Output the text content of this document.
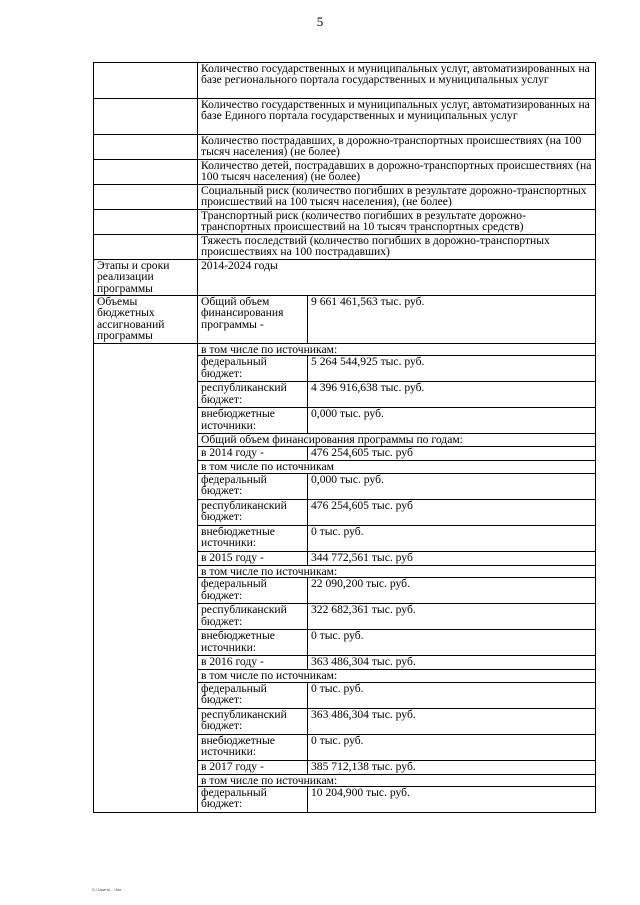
5
	Количество государственных и муниципальных услуг, автоматизированных на базе регионального портала государственных и муниципальных услуг	
	Количество государственных и муниципальных услуг, автоматизированных на базе Единого портала государственных и муниципальных услуг	
	Количество пострадавших, в дорожно-транспортных происшествиях (на 100 тысяч населения) (не более)	
	Количество детей, пострадавших в дорожно-транспортных происшествиях (на 100 тысяч населения) (не более)	
	Социальный риск (количество погибших в результате дорожно-транспортных происшествий на 100 тысяч населения), (не более)	
	Транспортный риск (количество погибших в результате дорожно-транспортных происшествий на 10 тысяч транспортных средств)	
	Тяжесть последствий (количество погибших в дорожно-транспортных происшествиях на 100 пострадавших)	
Этапы и сроки реализации программы	2014-2024 годы	
Объемы бюджетных ассигнований программы	Общий объем финансирования программы -	9 661 461,563 тыс. руб.
	в том числе по источникам:	
	федеральный бюджет:	5 264 544,925 тыс. руб.
	республиканский бюджет:	4 396 916,638 тыс. руб.
	внебюджетные источники:	0,000 тыс. руб.
	Общий объем финансирования программы по годам:	
	в 2014 году -	476 254,605 тыс. руб
	в том числе по источникам	
	федеральный бюджет:	0,000 тыс. руб.
	республиканский бюджет:	476 254,605 тыс. руб
	внебюджетные источники:	0 тыс. руб.
	в 2015 году -	344 772,561 тыс. руб
	в том числе по источникам:	
	федеральный бюджет:	22 090,200 тыс. руб.
	республиканский бюджет:	322 682,361 тыс. руб.
	внебюджетные источники:	0 тыс. руб.
	в 2016 году -	363 486,304 тыс. руб.
	в том числе по источникам:	
	федеральный бюджет:	0 тыс. руб.
	республиканский бюджет:	363 486,304 тыс. руб.
	внебюджетные источники:	0 тыс. руб.
	в 2017 году -	385 712,138 тыс. руб.
	в том числе по источникам:	
	федеральный бюджет:	10 204,900 тыс. руб.
C:\Users\...\file
